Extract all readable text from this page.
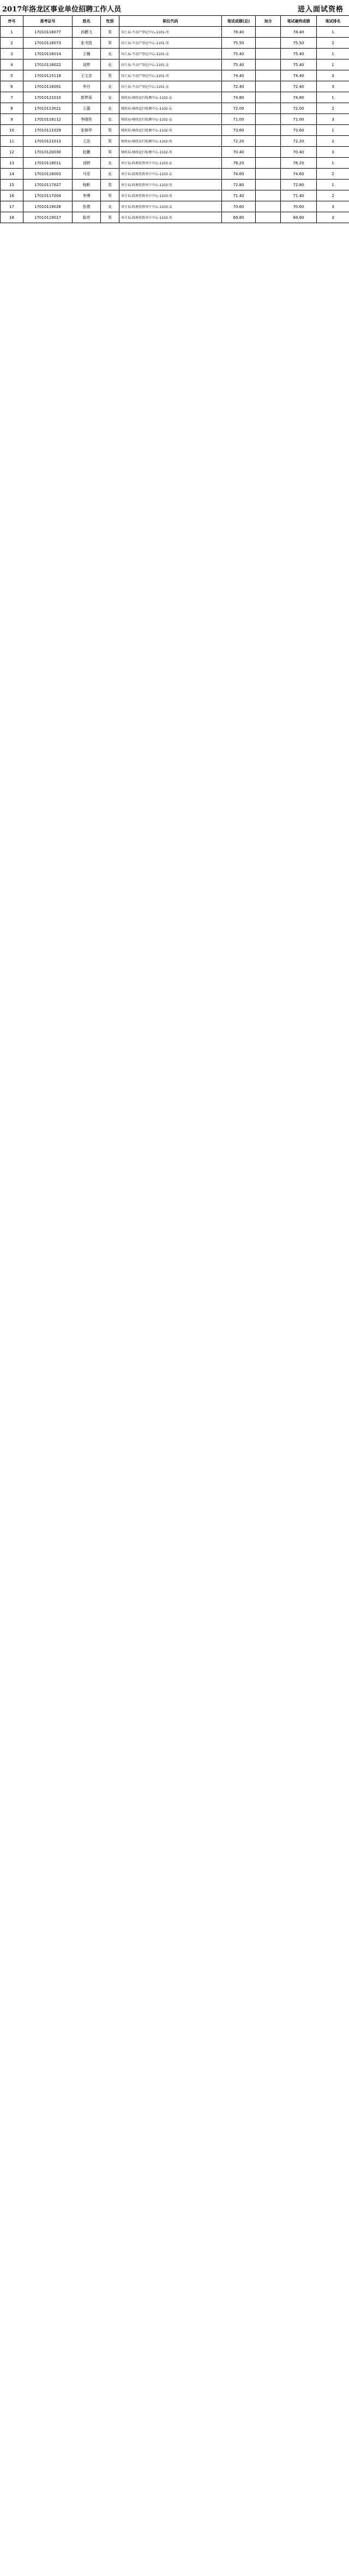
2017年洛龙区事业单位招聘工作人员	进入面试资格
序号	准考证号	姓名	性别	职位代码	笔试成绩(总)	加分	笔试最终成绩	笔试排名
1	17010116077	孙鹏飞	男	国土局-不动产登记中心-1101-男	78.40		78.40	1
2	17010116073	张书凯	男	国土局-不动产登记中心-1101-男	75.50		75.50	2
3	17010116014	王楠	女	国土局-不动产登记中心-1101-女	75.40		75.40	1
4	17010116022	刘梦	女	国土局-不动产登记中心-1101-女	75.40		75.40	1
5	17010115118	王文彦	男	国土局-不动产登记中心-1101-男	74.40		74.40	3
6	17010116001	李丹	女	国土局-不动产登记中心-1101-女	72.40		72.40	3
7	17010121010	郭梦瑶	女	财政局-财政运行检测中心-1102-女	74.80		74.80	1
8	17010113021	王露	女	财政局-财政运行检测中心-1102-女	72.00		72.00	2
9	17010116112	李晓彤	女	财政局-财政运行检测中心-1102-女	71.00		71.00	3
10	17010111029	张锦华	男	财政局-财政运行检测中心-1102-男	73.60		73.60	1
11	17010121013	王浩	男	财政局-财政运行检测中心-1102-男	72.20		72.20	2
12	17010120030	赵鹏	男	财政局-财政运行检测中心-1102-男	70.40		70.40	3
13	17010118011	刘婷	女	审计局-政府投资审计中心-1103-女	76.20		76.20	1
14	17010118003	马雪	女	审计局-政府投资审计中心-1103-女	74.60		74.60	2
15	17010117027	杨帆	男	审计局-政府投资审计中心-1103-男	72.80		72.80	1
16	17010117004	李博	男	审计局-政府投资审计中心-1103-男	71.40		71.40	2
17	17010119026	张倩	女	审计局-政府投资审计中心-1103-女	70.60		70.60	3
18	17010119017	陈亮	男	审计局-政府投资审计中心-1103-男	69.80		69.80	3
